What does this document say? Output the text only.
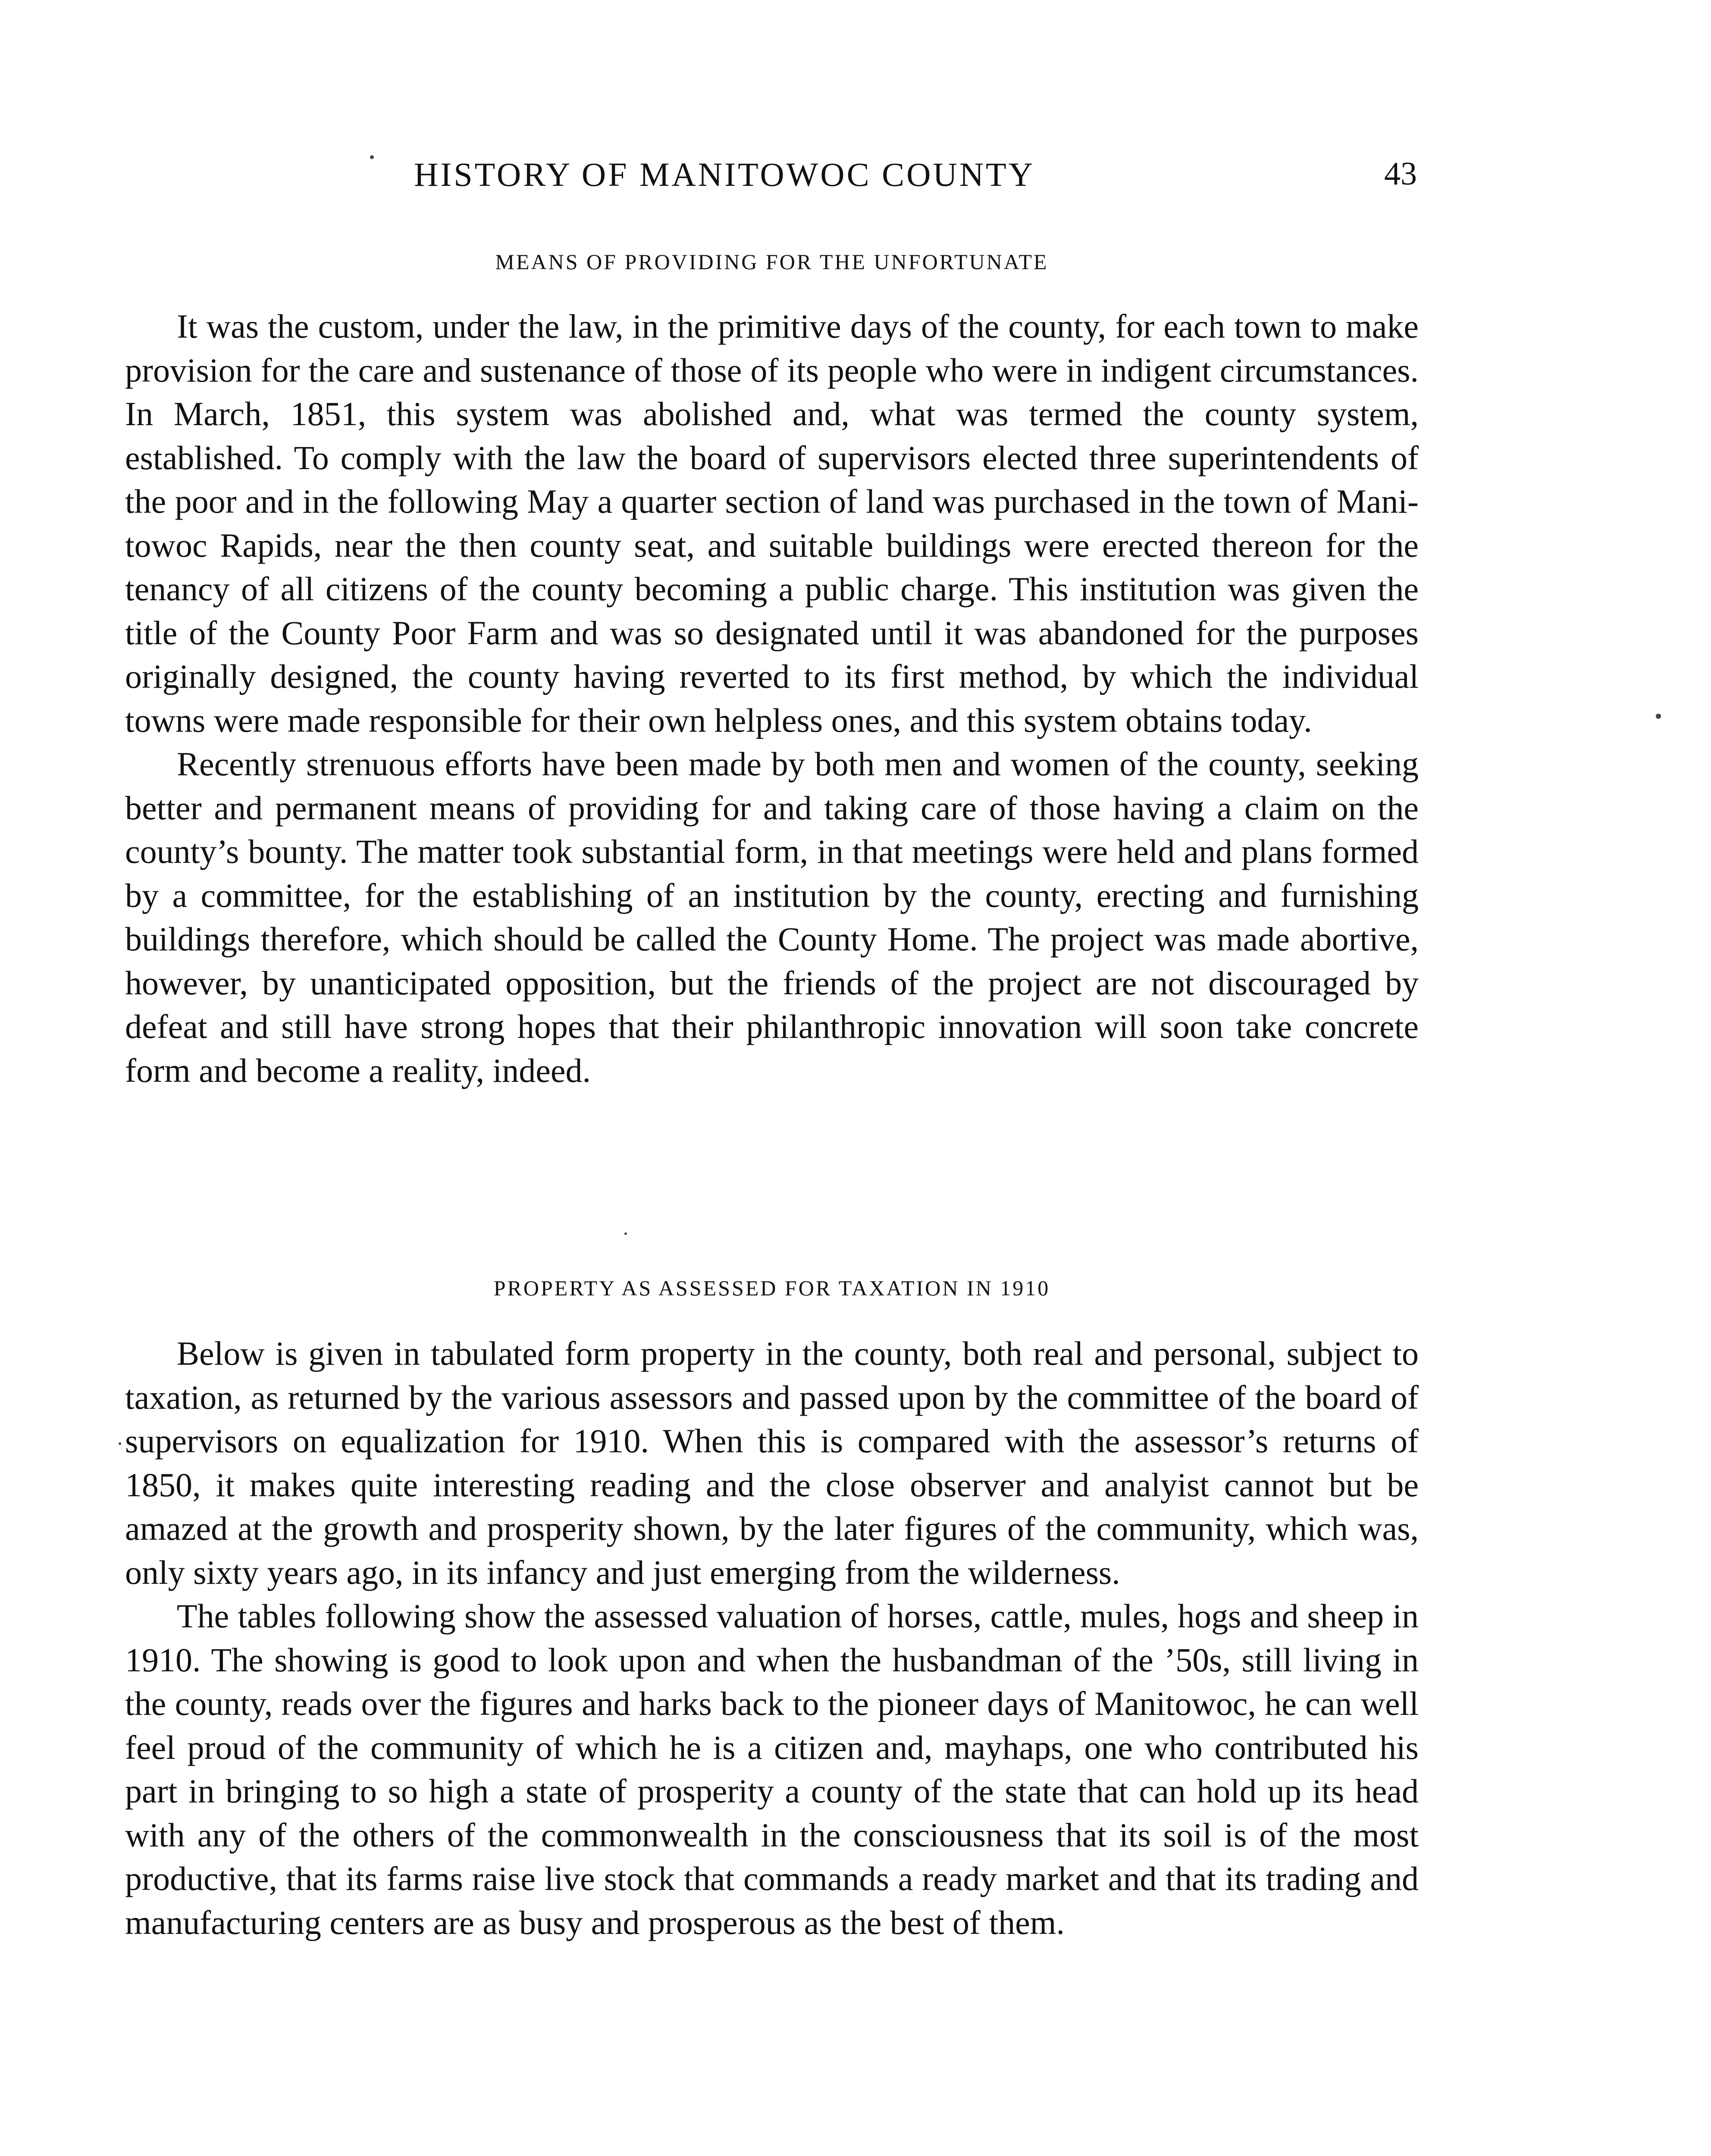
HISTORY OF MANITOWOC COUNTY	43
MEANS OF PROVIDING FOR THE UNFORTUNATE

It was the custom, under the law, in the primitive days of the county, for each town to make provision for the care and sustenance of those of its people who were in indigent circumstances. In March, 1851, this system was abolished and, what was termed the county system, established. To comply with the law the board of supervisors elected three superintendents of the poor and in the following May a quarter section of land was purchased in the town of Manitowoc Rapids, near the then county seat, and suitable buildings were erected thereon for the tenancy of all citizens of the county becoming a public charge. This institution was given the title of the County Poor Farm and was so designated until it was abandoned for the purposes originally designed, the county having reverted to its first method, by which the individual towns were made responsible for their own helpless ones, and this system obtains today.

Recently strenuous efforts have been made by both men and women of the county, seeking better and permanent means of providing for and taking care of those having a claim on the county’s bounty. The matter took substantial form, in that meetings were held and plans formed by a committee, for the establishing of an institution by the county, erecting and furnishing buildings therefore, which should be called the County Home. The project was made abortive, however, by unanticipated opposition, but the friends of the project are not discouraged by defeat and still have strong hopes that their philanthropic innovation will soon take concrete form and become a reality, indeed.

PROPERTY AS ASSESSED FOR TAXATION IN 1910

Below is given in tabulated form property in the county, both real and personal, subject to taxation, as returned by the various assessors and passed upon by the committee of the board of supervisors on equalization for 1910. When this is compared with the assessor’s returns of 1850, it makes quite interesting reading and the close observer and analyist cannot but be amazed at the growth and prosperity shown, by the later figures of the community, which was, only sixty years ago, in its infancy and just emerging from the wilderness.

The tables following show the assessed valuation of horses, cattle, mules, hogs and sheep in 1910. The showing is good to look upon and when the husbandman of the ’50s, still living in the county, reads over the figures and harks back to the pioneer days of Manitowoc, he can well feel proud of the community of which he is a citizen and, mayhaps, one who contributed his part in bringing to so high a state of prosperity a county of the state that can hold up its head with any of the others of the commonwealth in the consciousness that its soil is of the most productive, that its farms raise live stock that commands a ready market and that its trading and manufacturing centers are as busy and prosperous as the best of them.
